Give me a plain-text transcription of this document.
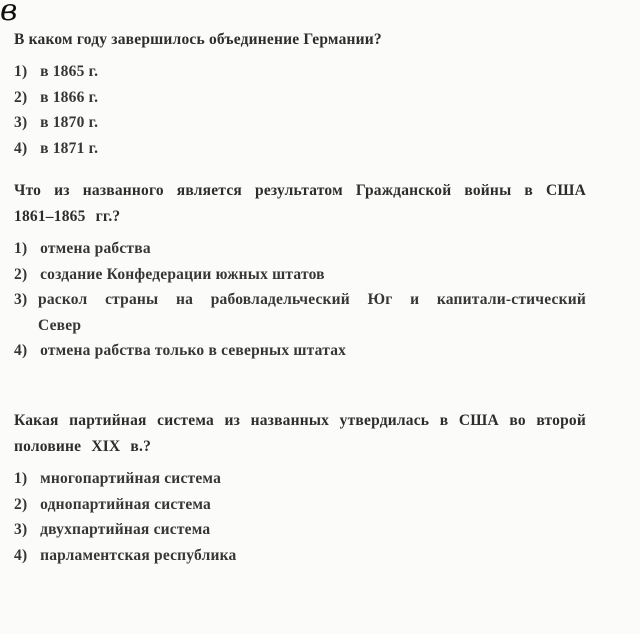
в
В каком году завершилось объединение Германии?
1) в 1865 г.
2) в 1866 г.
3) в 1870 г.
4) в 1871 г.
Что из названного является результатом Гражданской войны в США 1861–1865 гг.?
1) отмена рабства
2) создание Конфедерации южных штатов
3) раскол страны на рабовладельческий Юг и капитали-стический Север
4) отмена рабства только в северных штатах
Какая партийная система из названных утвердилась в США во второй половине XIX в.?
1) многопартийная система
2) однопартийная система
3) двухпартийная система
4) парламентская республика
